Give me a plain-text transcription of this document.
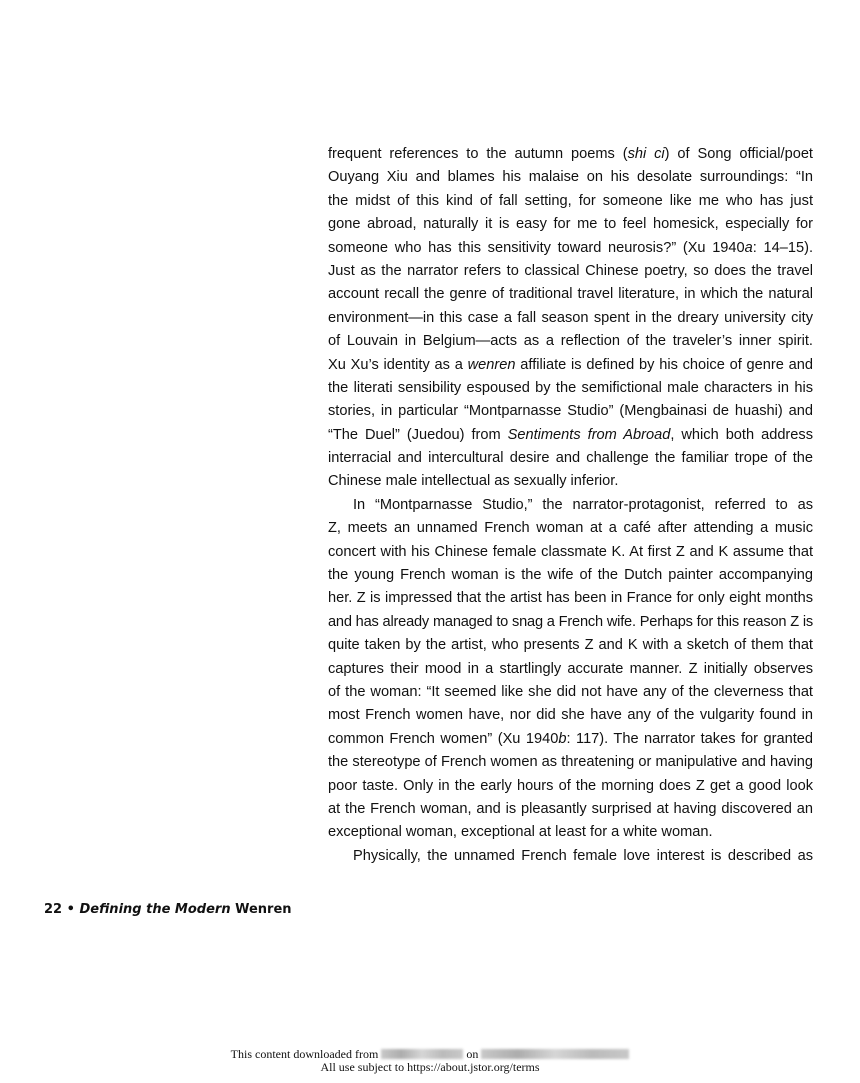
frequent references to the autumn poems (shi ci) of Song official/poet
Ouyang Xiu and blames his malaise on his desolate surroundings: “In
the midst of this kind of fall setting, for someone like me who has just
gone abroad, naturally it is easy for me to feel homesick, especially for
someone who has this sensitivity toward neurosis?” (Xu 1940a: 14–15).
Just as the narrator refers to classical Chinese poetry, so does the travel
account recall the genre of traditional travel literature, in which the natural
environment—in this case a fall season spent in the dreary university city
of Louvain in Belgium—acts as a reflection of the traveler’s inner spirit.
Xu Xu’s identity as a wenren affiliate is defined by his choice of genre and
the literati sensibility espoused by the semifictional male characters in his
stories, in particular “Montparnasse Studio” (Mengbainasi de huashi) and
“The Duel” (Juedou) from Sentiments from Abroad, which both address
interracial and intercultural desire and challenge the familiar trope of the
Chinese male intellectual as sexually inferior.
In “Montparnasse Studio,” the narrator-protagonist, referred to as
Z, meets an unnamed French woman at a café after attending a music
concert with his Chinese female classmate K. At first Z and K assume that
the young French woman is the wife of the Dutch painter accompanying
her. Z is impressed that the artist has been in France for only eight months
and has already managed to snag a French wife. Perhaps for this reason Z is
quite taken by the artist, who presents Z and K with a sketch of them that
captures their mood in a startlingly accurate manner. Z initially observes
of the woman: “It seemed like she did not have any of the cleverness that
most French women have, nor did she have any of the vulgarity found in
common French women” (Xu 1940b: 117). The narrator takes for granted
the stereotype of French women as threatening or manipulative and having
poor taste. Only in the early hours of the morning does Z get a good look
at the French woman, and is pleasantly surprised at having discovered an
exceptional woman, exceptional at least for a white woman.
Physically, the unnamed French female love interest is described as
22 • Defining the Modern Wenren
This content downloaded from	on
All use subject to https://about.jstor.org/terms
